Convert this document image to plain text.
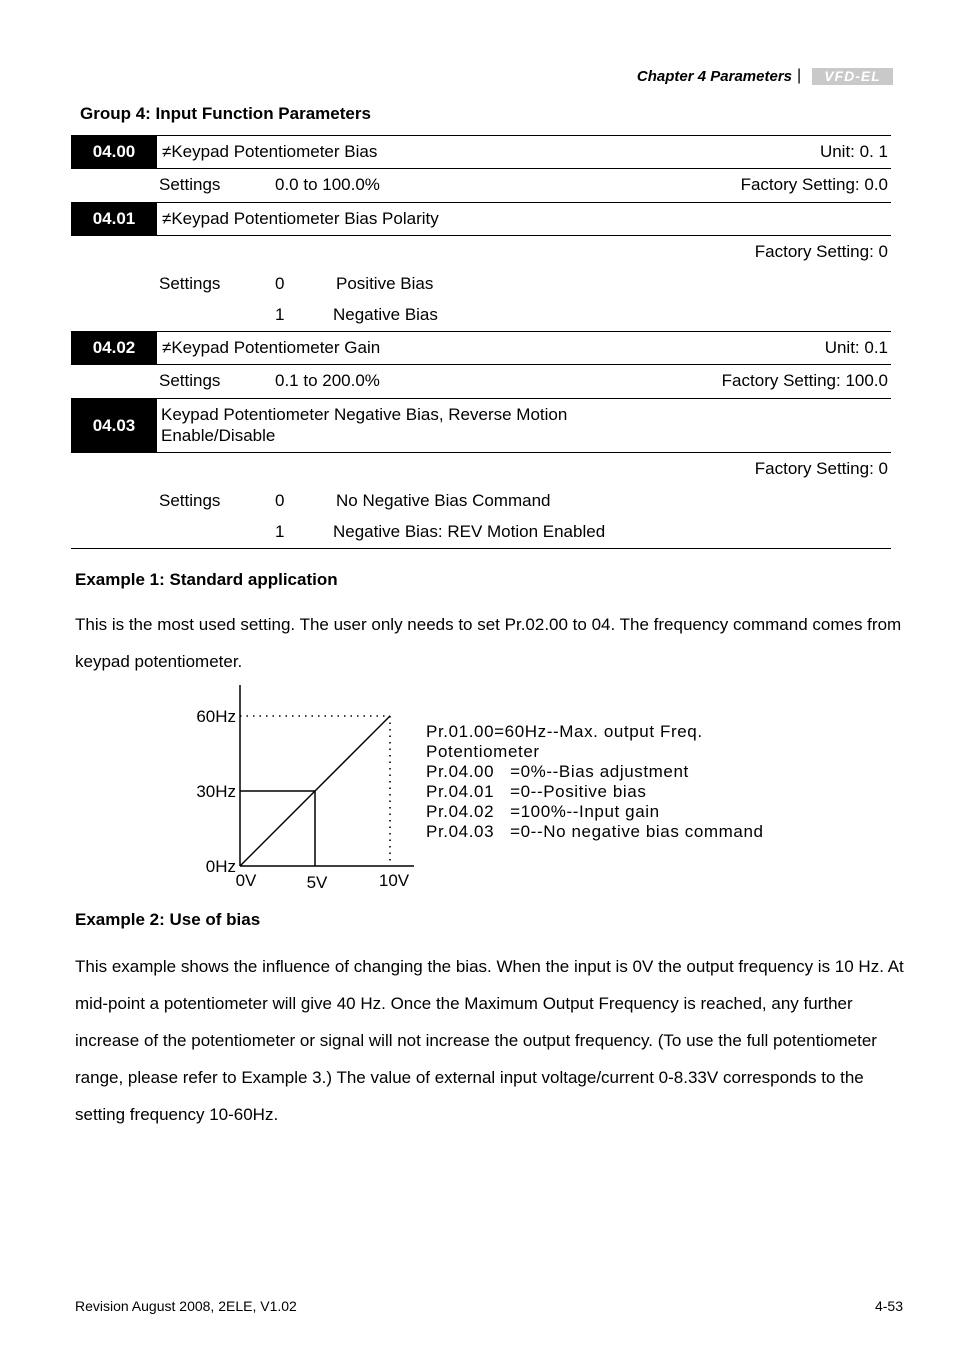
Chapter 4 Parameters |	VFD-EL
Group 4: Input Function Parameters
04.00	≠Keypad Potentiometer Bias	Unit: 0. 1
Settings	0.0 to 100.0%	Factory Setting: 0.0
04.01	≠Keypad Potentiometer Bias Polarity
Factory Setting: 0
Settings	0	Positive Bias
1	Negative Bias
04.02	≠Keypad Potentiometer Gain	Unit: 0.1
Settings	0.1 to 200.0%	Factory Setting: 100.0
04.03
Keypad Potentiometer Negative Bias, Reverse Motion
Enable/Disable
Factory Setting: 0
Settings	0	No Negative Bias Command
1	Negative Bias: REV Motion Enabled
Example 1: Standard application
This is the most used setting. The user only needs to set Pr.02.00 to 04. The frequency command comes from keypad potentiometer.
0Hz
30Hz
60Hz
0V	5V	10V
Pr.01.00=60Hz--Max. output Freq.
Potentiometer
Pr.04.00   =0%--Bias adjustment
Pr.04.01   =0--Positive bias
Pr.04.02   =100%--Input gain
Pr.04.03   =0--No negative bias command
Example 2: Use of bias
This example shows the influence of changing the bias. When the input is 0V the output frequency is 10 Hz. At mid-point a potentiometer will give 40 Hz. Once the Maximum Output Frequency is reached, any further increase of the potentiometer or signal will not increase the output frequency. (To use the full potentiometer range, please refer to Example 3.) The value of external input voltage/current 0-8.33V corresponds to the setting frequency 10-60Hz.
Revision August 2008, 2ELE, V1.02	4-53
